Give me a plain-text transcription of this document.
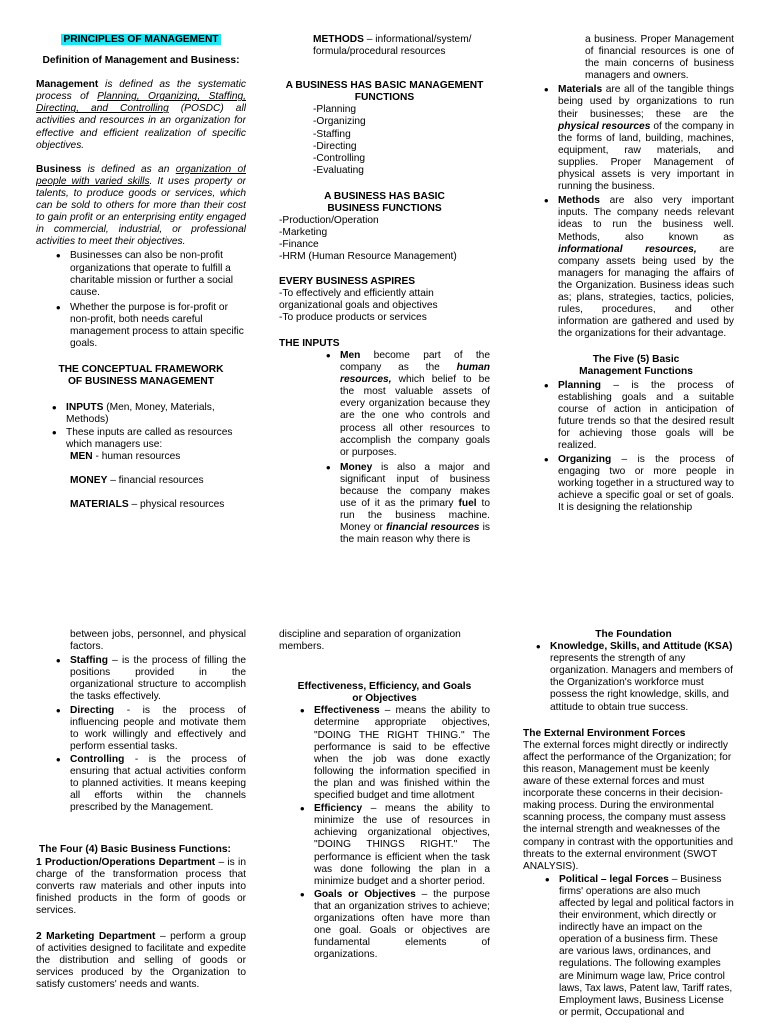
PRINCIPLES OF MANAGEMENT

Definition of Management and Business:

Management is defined as the systematic process of Planning, Organizing, Staffing, Directing, and Controlling (POSDC) all activities and resources in an organization for effective and efficient realization of specific objectives.

Business is defined as an organization of people with varied skills. It uses property or talents, to produce goods or services, which can be sold to others for more than their cost to gain profit or an enterprising entity engaged in commercial, industrial, or professional activities to meet their objectives.

• Businesses can also be non-profit organizations that operate to fulfill a charitable mission or further a social cause.
• Whether the purpose is for-profit or non-profit, both needs careful management process to attain specific goals.

THE CONCEPTUAL FRAMEWORK OF BUSINESS MANAGEMENT

• INPUTS (Men, Money, Materials, Methods)
• These inputs are called as resources which managers use:

MEN - human resources

MONEY – financial resources

MATERIALS – physical resources

METHODS – informational/system/ formula/procedural resources

A BUSINESS HAS BASIC MANAGEMENT FUNCTIONS

-Planning
-Organizing
-Staffing
-Directing
-Controlling
-Evaluating

A BUSINESS HAS BASIC BUSINESS FUNCTIONS

-Production/Operation
-Marketing
-Finance
-HRM (Human Resource Management)

EVERY BUSINESS ASPIRES

-To effectively and efficiently attain organizational goals and objectives

-To produce products or services

THE INPUTS

• Men become part of the company as the human resources, which belief to be the most valuable assets of every organization because they are the one who controls and process all other resources to accomplish the company goals or purposes.
• Money is also a major and significant input of business because the company makes use of it as the primary fuel to run the business machine. Money or financial resources is the main reason why there is

a business. Proper Management of financial resources is one of the main concerns of business managers and owners.

• Materials are all of the tangible things being used by organizations to run their businesses; these are the physical resources of the company in the forms of land, building, machines, equipment, raw materials, and supplies. Proper Management of physical assets is very important in running the business.
• Methods are also very important inputs. The company needs relevant ideas to run the business well. Methods, also known as informational resources, are company assets being used by the managers for managing the affairs of the Organization. Business ideas such as; plans, strategies, tactics, policies, rules, procedures, and other information are gathered and used by the organizations for their advantage.

The Five (5) Basic Management Functions

• Planning – is the process of establishing goals and a suitable course of action in anticipation of future trends so that the desired result for achieving those goals will be realized.
• Organizing – is the process of engaging two or more people in working together in a structured way to achieve a specific goal or set of goals. It is designing the relationship

between jobs, personnel, and physical factors.

• Staffing – is the process of filling the positions provided in the organizational structure to accomplish the tasks effectively.
• Directing - is the process of influencing people and motivate them to work willingly and effectively and perform essential tasks.
• Controlling - is the process of ensuring that actual activities conform to planned activities. It means keeping all efforts within the channels prescribed by the Management.

The Four (4) Basic Business Functions:

1 Production/Operations Department – is in charge of the transformation process that converts raw materials and other inputs into finished products in the form of goods or services.

2 Marketing Department – perform a group of activities designed to facilitate and expedite the distribution and selling of goods or services produced by the Organization to satisfy customers' needs and wants.

discipline and separation of organization members.

Effectiveness, Efficiency, and Goals or Objectives

• Effectiveness – means the ability to determine appropriate objectives, "DOING THE RIGHT THING." The performance is said to be effective when the job was done exactly following the information specified in the plan and was finished within the specified budget and time allotment
• Efficiency – means the ability to minimize the use of resources in achieving organizational objectives, "DOING THINGS RIGHT." The performance is efficient when the task was done following the plan in a minimize budget and a shorter period.
• Goals or Objectives – the purpose that an organization strives to achieve; organizations often have more than one goal. Goals or objectives are fundamental elements of organizations.

The Foundation

• Knowledge, Skills, and Attitude (KSA) represents the strength of any organization. Managers and members of the Organization's workforce must possess the right knowledge, skills, and attitude to obtain true success.

The External Environment Forces

The external forces might directly or indirectly affect the performance of the Organization; for this reason, Management must be keenly aware of these external forces and must incorporate these concerns in their decision-making process. During the environmental scanning process, the company must assess the internal strength and weaknesses of the company in contrast with the opportunities and threats to the external environment (SWOT ANALYSIS).

• Political – legal Forces – Business firms' operations are also much affected by legal and political factors in their environment, which directly or indirectly have an impact on the operation of a business firm. These are various laws, ordinances, and regulations. The following examples are Minimum wage law, Price control laws, Tax laws, Patent law, Tariff rates, Employment laws, Business License or permit, Occupational and
